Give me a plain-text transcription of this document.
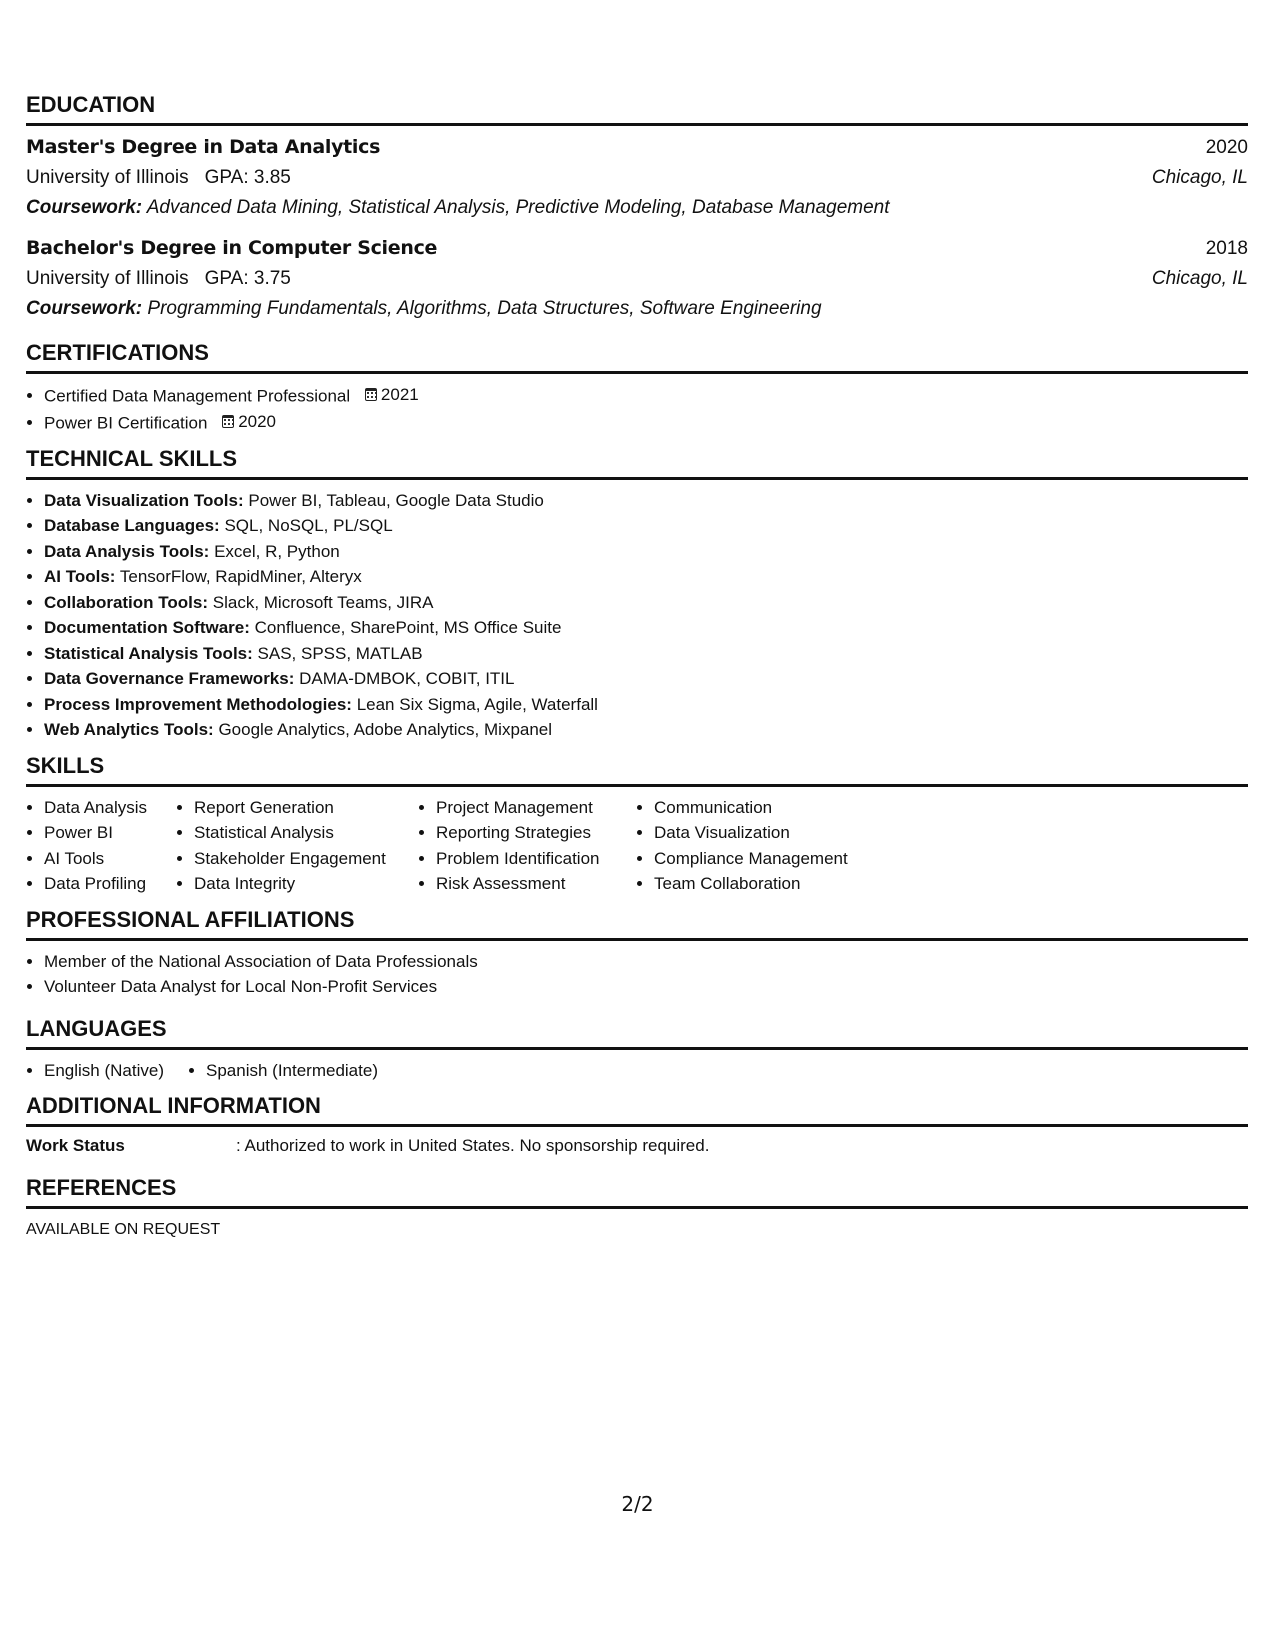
EDUCATION
Master's Degree in Data Analytics	2020
University of Illinois GPA: 3.85	Chicago, IL
Coursework: Advanced Data Mining, Statistical Analysis, Predictive Modeling, Database Management
Bachelor's Degree in Computer Science	2018
University of Illinois GPA: 3.75	Chicago, IL
Coursework: Programming Fundamentals, Algorithms, Data Structures, Software Engineering
CERTIFICATIONS
• Certified Data Management Professional 2021
• Power BI Certification 2020
TECHNICAL SKILLS
• Data Visualization Tools: Power BI, Tableau, Google Data Studio
• Database Languages: SQL, NoSQL, PL/SQL
• Data Analysis Tools: Excel, R, Python
• AI Tools: TensorFlow, RapidMiner, Alteryx
• Collaboration Tools: Slack, Microsoft Teams, JIRA
• Documentation Software: Confluence, SharePoint, MS Office Suite
• Statistical Analysis Tools: SAS, SPSS, MATLAB
• Data Governance Frameworks: DAMA-DMBOK, COBIT, ITIL
• Process Improvement Methodologies: Lean Six Sigma, Agile, Waterfall
• Web Analytics Tools: Google Analytics, Adobe Analytics, Mixpanel
SKILLS
• Data Analysis
• Power BI
• AI Tools
• Data Profiling
• Report Generation
• Statistical Analysis
• Stakeholder Engagement
• Data Integrity
• Project Management
• Reporting Strategies
• Problem Identification
• Risk Assessment
• Communication
• Data Visualization
• Compliance Management
• Team Collaboration
PROFESSIONAL AFFILIATIONS
• Member of the National Association of Data Professionals
• Volunteer Data Analyst for Local Non-Profit Services
LANGUAGES
• English (Native)
• Spanish (Intermediate)
ADDITIONAL INFORMATION
Work Status	: Authorized to work in United States. No sponsorship required.
REFERENCES
AVAILABLE ON REQUEST
2/2
